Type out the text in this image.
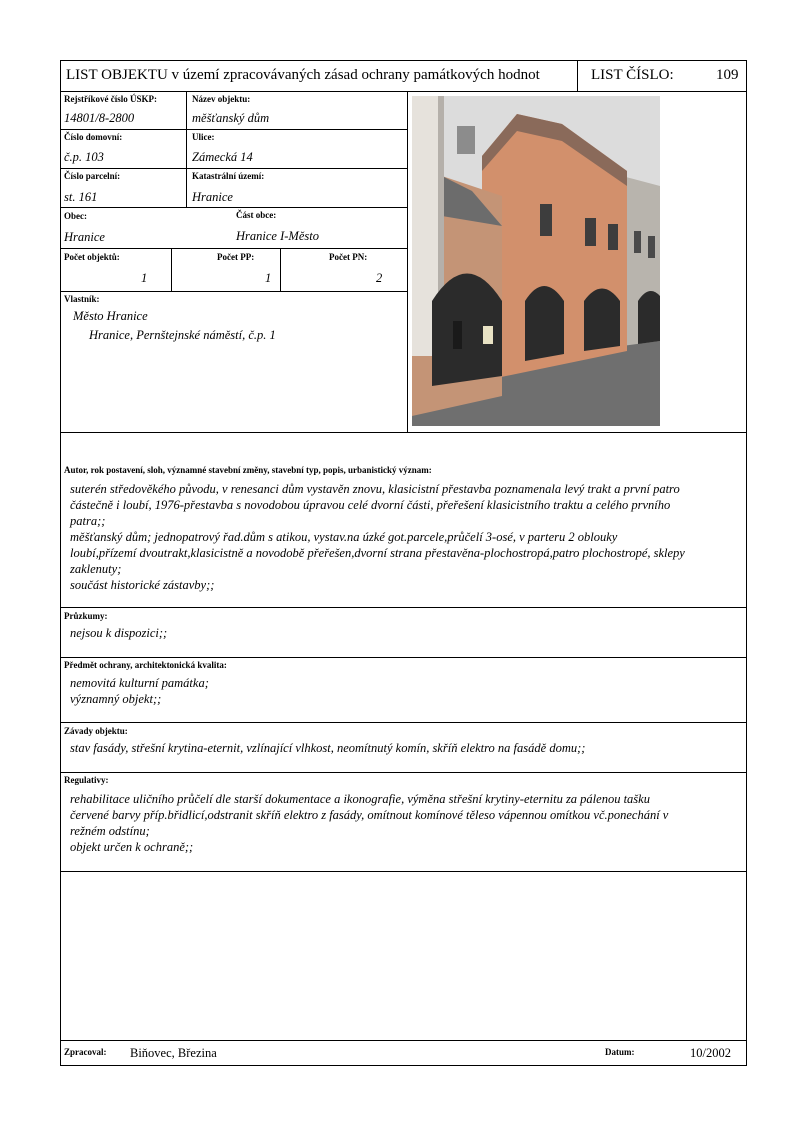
LIST OBJEKTU v území zpracovávaných zásad ochrany památkových hodnot	LIST ČÍSLO:	109
Rejstříkové číslo ÚSKP:
14801/8-2800
Název objektu:
měšťanský dům
Číslo domovní:
č.p. 103
Ulice:
Zámecká 14
Číslo parcelní:
st. 161
Katastrální území:
Hranice
Obec:
Hranice
Část obce:
Hranice I-Město
Počet objektů:
1
Počet PP:
1
Počet PN:
2
Vlastník:
Město Hranice
Hranice, Pernštejnské náměstí, č.p. 1
Autor, rok postavení, sloh, významné stavební změny, stavební typ, popis, urbanistický význam:
suterén středověkého původu, v renesanci dům vystavěn znovu, klasicistní přestavba poznamenala levý trakt a první patro
částečně i loubí, 1976-přestavba s novodobou úpravou celé dvorní části, přeřešení klasicistního traktu a celého prvního
patra;;
měšťanský dům; jednopatrový řad.dům s atikou, vystav.na úzké got.parcele,průčelí 3-osé, v parteru 2 oblouky
loubí,přízemí dvoutrakt,klasicistně a novodobě přeřešen,dvorní strana přestavěna-plochostropá,patro plochostropé, sklepy
zaklenuty;
součást historické zástavby;;
Průzkumy:
nejsou k dispozici;;
Předmět ochrany, architektonická kvalita:
nemovitá kulturní památka;
významný objekt;;
Závady objektu:
stav fasády, střešní krytina-eternit, vzlínající vlhkost, neomítnutý komín, skříň elektro na fasádě domu;;
Regulativy:
rehabilitace uličního průčelí dle starší dokumentace a ikonografie, výměna střešní krytiny-eternitu za pálenou tašku
červené barvy příp.břidlicí,odstranit skříň elektro z fasády, omítnout komínové těleso vápennou omítkou vč.ponechání v
režném odstínu;
objekt určen k ochraně;;
Zpracoval: Biňovec, Březina	Datum:	10/2002
